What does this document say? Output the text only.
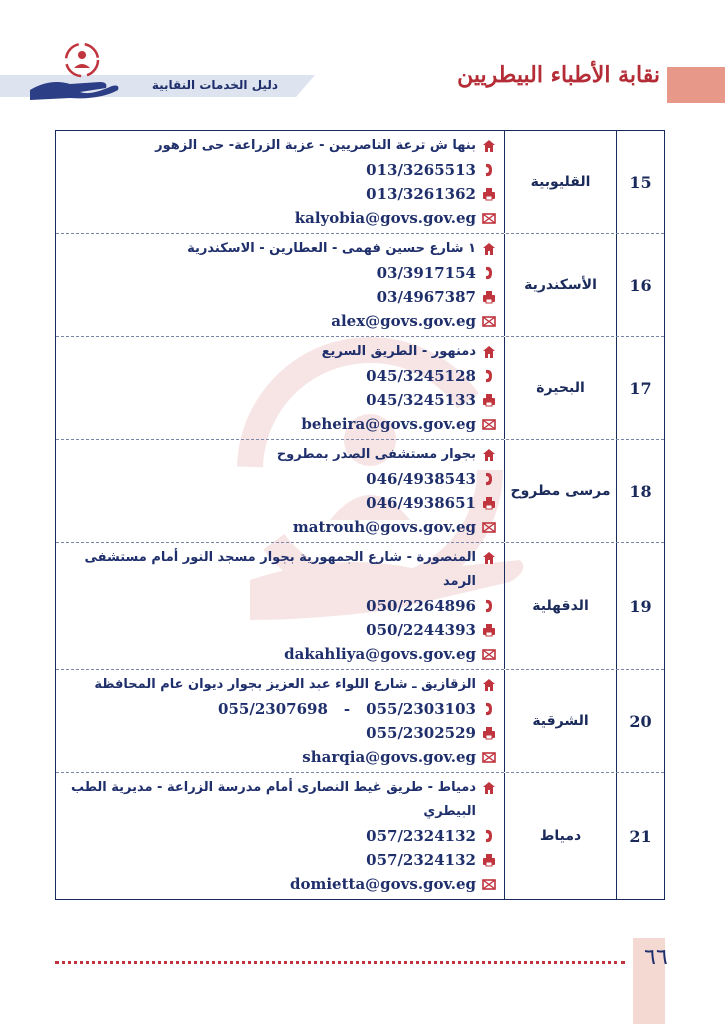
دليل الخدمات النقابية	نقابة الأطباء البيطريين
بنها ش ترعة الناصريين - عزبة الزراعة- حى الزهور
013/3265513
013/3261362
kalyobia@govs.gov.eg
القليوبية	15
١ شارع حسين فهمى - العطارين - الاسكندرية
03/3917154
03/4967387
alex@govs.gov.eg
الأسكندرية	16
دمنهور - الطريق السريع
045/3245128
045/3245133
beheira@govs.gov.eg
البحيرة	17
بجوار مستشفى الصدر بمطروح
046/4938543
046/4938651
matrouh@govs.gov.eg
مرسى مطروح	18
المنصورة - شارع الجمهورية بجوار مسجد النور أمام مستشفى الرمد
050/2264896
050/2244393
dakahliya@govs.gov.eg
الدقهلية	19
الزقازيق ـ شارع اللواء عبد العزيز بجوار ديوان عام المحافظة
055/2303103
-
055/2307698
055/2302529
sharqia@govs.gov.eg
الشرقية	20
دمياط - طريق غيط النصارى أمام مدرسة الزراعة - مديرية الطب البيطري
057/2324132
057/2324132
domietta@govs.gov.eg
دمياط	21
٦٦
